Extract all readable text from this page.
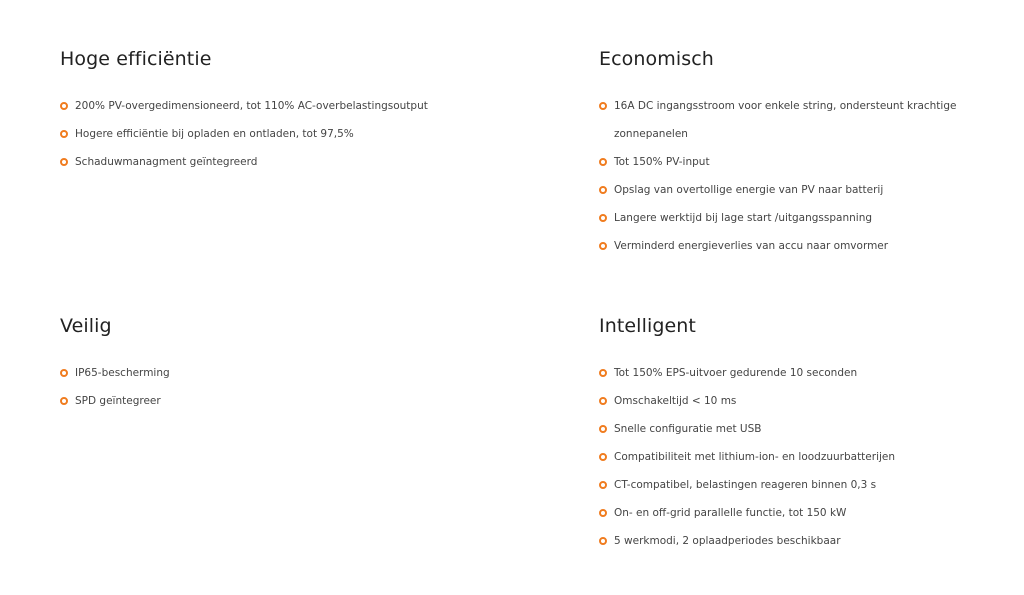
Hoge efficiëntie
200% PV-overgedimensioneerd, tot 110% AC-overbelastingsoutput
Hogere efficiëntie bij opladen en ontladen, tot 97,5%
Schaduwmanagment geïntegreerd
Economisch
16A DC ingangsstroom voor enkele string, ondersteunt krachtige zonnepanelen
Tot 150% PV-input
Opslag van overtollige energie van PV naar batterij
Langere werktijd bij lage start /uitgangsspanning
Verminderd energieverlies van accu naar omvormer
Veilig
IP65-bescherming
SPD geïntegreer
Intelligent
Tot 150% EPS-uitvoer gedurende 10 seconden
Omschakeltijd < 10 ms
Snelle configuratie met USB
Compatibiliteit met lithium-ion- en loodzuurbatterijen
CT-compatibel, belastingen reageren binnen 0,3 s
On- en off-grid parallelle functie, tot 150 kW
5 werkmodi, 2 oplaadperiodes beschikbaar
